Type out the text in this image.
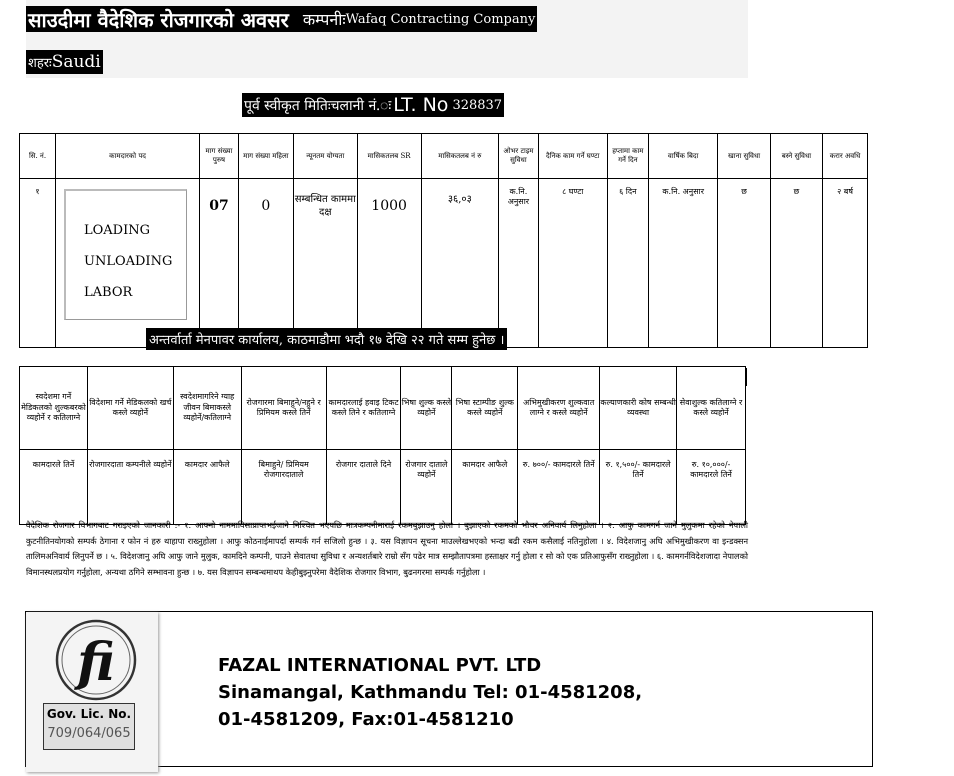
साउदीमा वैदेशिक रोजगारको अवसर कम्पनीः Wafaq Contracting Company
शहरः Saudi
पूर्व स्वीकृत मितिःचलानी नं.ः LT. No 328837
सि. नं.	कामदारको पद	माग संख्या पुरुष	माग संख्या महिला	न्यूनतम योग्यता	मासिकतलब SR	मासिकतलब नं रु	ओभर टाइम सुविधा	दैनिक काम गर्ने घण्टा	हप्तामा काम गर्ने दिन	वार्षिक बिदा	खाना सुविधा	बस्ने सुविधा	करार अवधि
१	LOADING
UNLOADING
LABOR	07	0	सम्बन्धित काममा दक्ष	1000	३६,०३	क.नि. अनुसार	८ घण्टा	६ दिन	क.नि. अनुसार	छ	छ	२ बर्ष
अन्तर्वार्ता मेनपावर कार्यालय, काठमाडौमा भदौ १७ देखि २२ गते सम्म हुनेछ ।
स्वदेशमा गर्ने मेडिकलको शुल्कबरको व्यहोर्ने र कतिलाग्ने	विदेशमा गर्ने मेडिकलको खर्च कस्ले व्यहोर्ने	स्वदेशमागरिने ग्याह जीवन बिमाकस्ले व्यहोर्ने/कतिलाग्ने	रोजगारमा बिमाहुने/नहुने र प्रिमियम कस्ले तिर्ने	कामदारलाई हवाइ टिकट कस्ले तिने र कतिलाग्ने	भिषा शुल्क कस्ले व्यहोर्ने	भिषा स्टाम्पीङ शुल्क कस्ले व्यहोर्ने	अभिमुखीकरण शुल्कवात लाग्ने र कस्ले व्यहोर्ने	कल्याणकारी कोष सम्बन्धी व्यवस्था	सेवाशुल्क कतिलाग्ने र कस्ले व्यहोर्ने
कामदारले तिर्ने	रोजगारदाता कम्पनीले व्यहोर्ने	कामदार आफैले	बिमाहुने/ प्रिमियम रोजगारदाताले	रोजगार दाताले दिने	रोजगार दाताले व्यहोर्ने	कामदार आफैले	रु. ७००/- कामदारले तिर्ने	रु. १,५००/- कामदारले तिर्ने	रु. १०,०००/- कामदारले तिर्ने
वैदेशिक रोजगार विभागबाट गराइएको जानकारी :- १. आफ्नो नाममाविसाप्राप्तभईजाने निश्चित भएपछि मात्रकम्पनीमाराई रकमबुझाउनु होला । बुझाएको रकमको भौचर अनिवार्य लिनुहोला । २. आफु कामगर्न जाने मुलुकमा रहेको नेपाली कुटनीतिनयोगको सम्पर्क ठेगाना र फोन नं हरु थाहापा राख्नुहोला । आफु कोठनाईमापर्दा सम्पर्क गर्न सजिलो हुन्छ । ३. यस विज्ञापन सूचना माउल्लेखभएको भन्दा बढी रकम कसैलाई नतिनुहोला । ४. विदेशजानु अघि अभिमुखीकरण वा इन्डक्सन तालिमअनिवार्य लिनुपर्ने छ । ५. विदेशजानु अघि आफु जाने मुलुक, कामदिने कम्पनी, पाउने सेवातथा सुविधा र अन्यशर्तबारे राम्रो सँग पढेर मात्र सम्झौतापत्रमा हस्ताक्षर गर्नु होला र सो को एक प्रतिआफुसँग राख्नुहोला । ६. कामगर्नविदेशजादा नेपालको विमानस्थलप्रयोग गर्नुहोला, अन्यथा ठगिने सम्भावना हुन्छ । ७. यस विज्ञापन सम्बन्धमाथप केहीबुझ्नुपरेमा वैदेशिक रोजगार विभाग, बुढनगरमा सम्पर्क गर्नुहोला ।
fi
Gov. Lic. No.
709/064/065
FAZAL INTERNATIONAL PVT. LTD
Sinamangal, Kathmandu Tel: 01-4581208,
01-4581209, Fax:01-4581210
